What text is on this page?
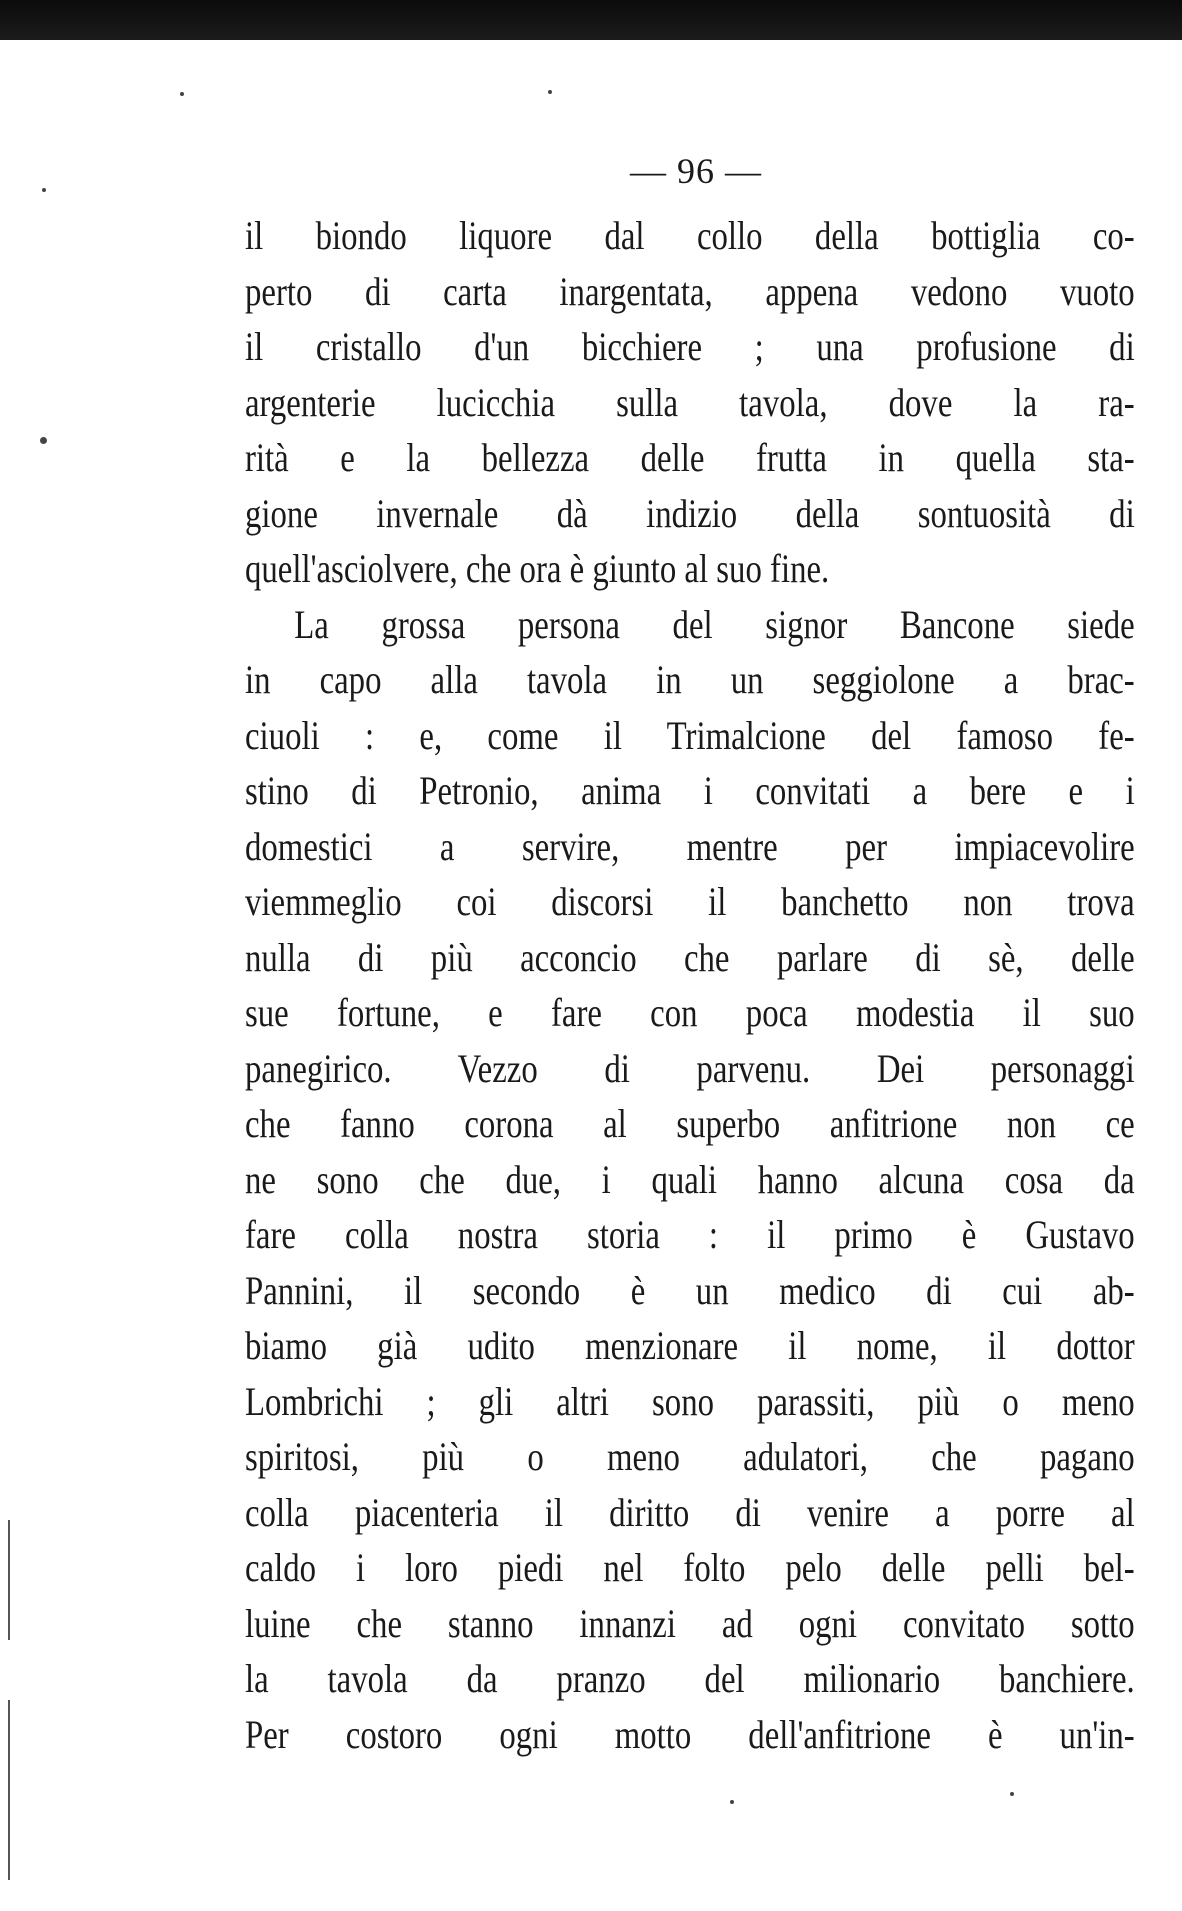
— 96 —
il biondo liquore dal collo della bottiglia co-
perto di carta inargentata, appena vedono vuoto
il cristallo d'un bicchiere ; una profusione di
argenterie lucicchia sulla tavola, dove la ra-
rità e la bellezza delle frutta in quella sta-
gione invernale dà indizio della sontuosità di
quell'asciolvere, che ora è giunto al suo fine.
La grossa persona del signor Bancone siede
in capo alla tavola in un seggiolone a brac-
ciuoli : e, come il Trimalcione del famoso fe-
stino di Petronio, anima i convitati a bere e i
domestici a servire, mentre per impiacevolire
viemmeglio coi discorsi il banchetto non trova
nulla di più acconcio che parlare di sè, delle
sue fortune, e fare con poca modestia il suo
panegirico. Vezzo di parvenu. Dei personaggi
che fanno corona al superbo anfitrione non ce
ne sono che due, i quali hanno alcuna cosa da
fare colla nostra storia : il primo è Gustavo
Pannini, il secondo è un medico di cui ab-
biamo già udito menzionare il nome, il dottor
Lombrichi ; gli altri sono parassiti, più o meno
spiritosi, più o meno adulatori, che pagano
colla piacenteria il diritto di venire a porre al
caldo i loro piedi nel folto pelo delle pelli bel-
luine che stanno innanzi ad ogni convitato sotto
la tavola da pranzo del milionario banchiere.
Per costoro ogni motto dell'anfitrione è un'in-
